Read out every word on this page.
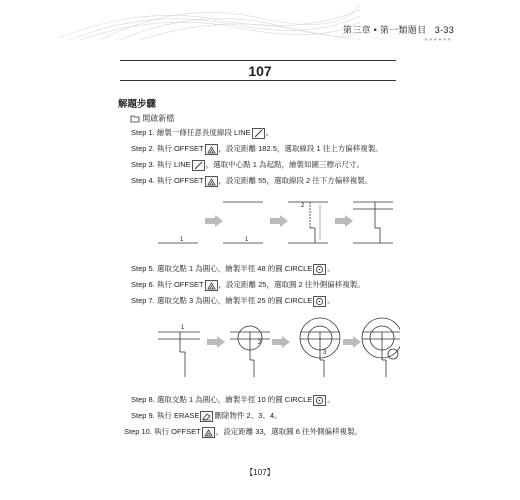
第三章 • 第一類題目 3-33
●●●●●●
107
解題步驟
開啟新檔
Step 1. 繪製一條任意長度線段 LINE 。
Step 2. 執行 OFFSET ，設定距離 182.5，選取線段 1 往上方偏移複製。
Step 3. 執行 LINE ，選取中心點 1 為起點，繪製如圖三標示尺寸。
Step 4. 執行 OFFSET ，設定距離 55，選取線段 2 往下方偏移複製。
1	1
2
Step 5. 選取交點 1 為圓心，繪製半徑 48 的圓 CIRCLE 。
Step 6. 執行 OFFSET ，設定距離 25，選取圓 2 往外側偏移複製。
Step 7. 選取交點 3 為圓心，繪製半徑 25 的圓 CIRCLE 。
1
2
3
Step 8. 選取交點 1 為圓心，繪製半徑 10 的圓 CIRCLE 。
Step 9. 執行 ERASE 刪除物件 2、3、4。
Step 10. 執行 OFFSET ，設定距離 33，選取圓 6 往外側偏移複製。
【107】
